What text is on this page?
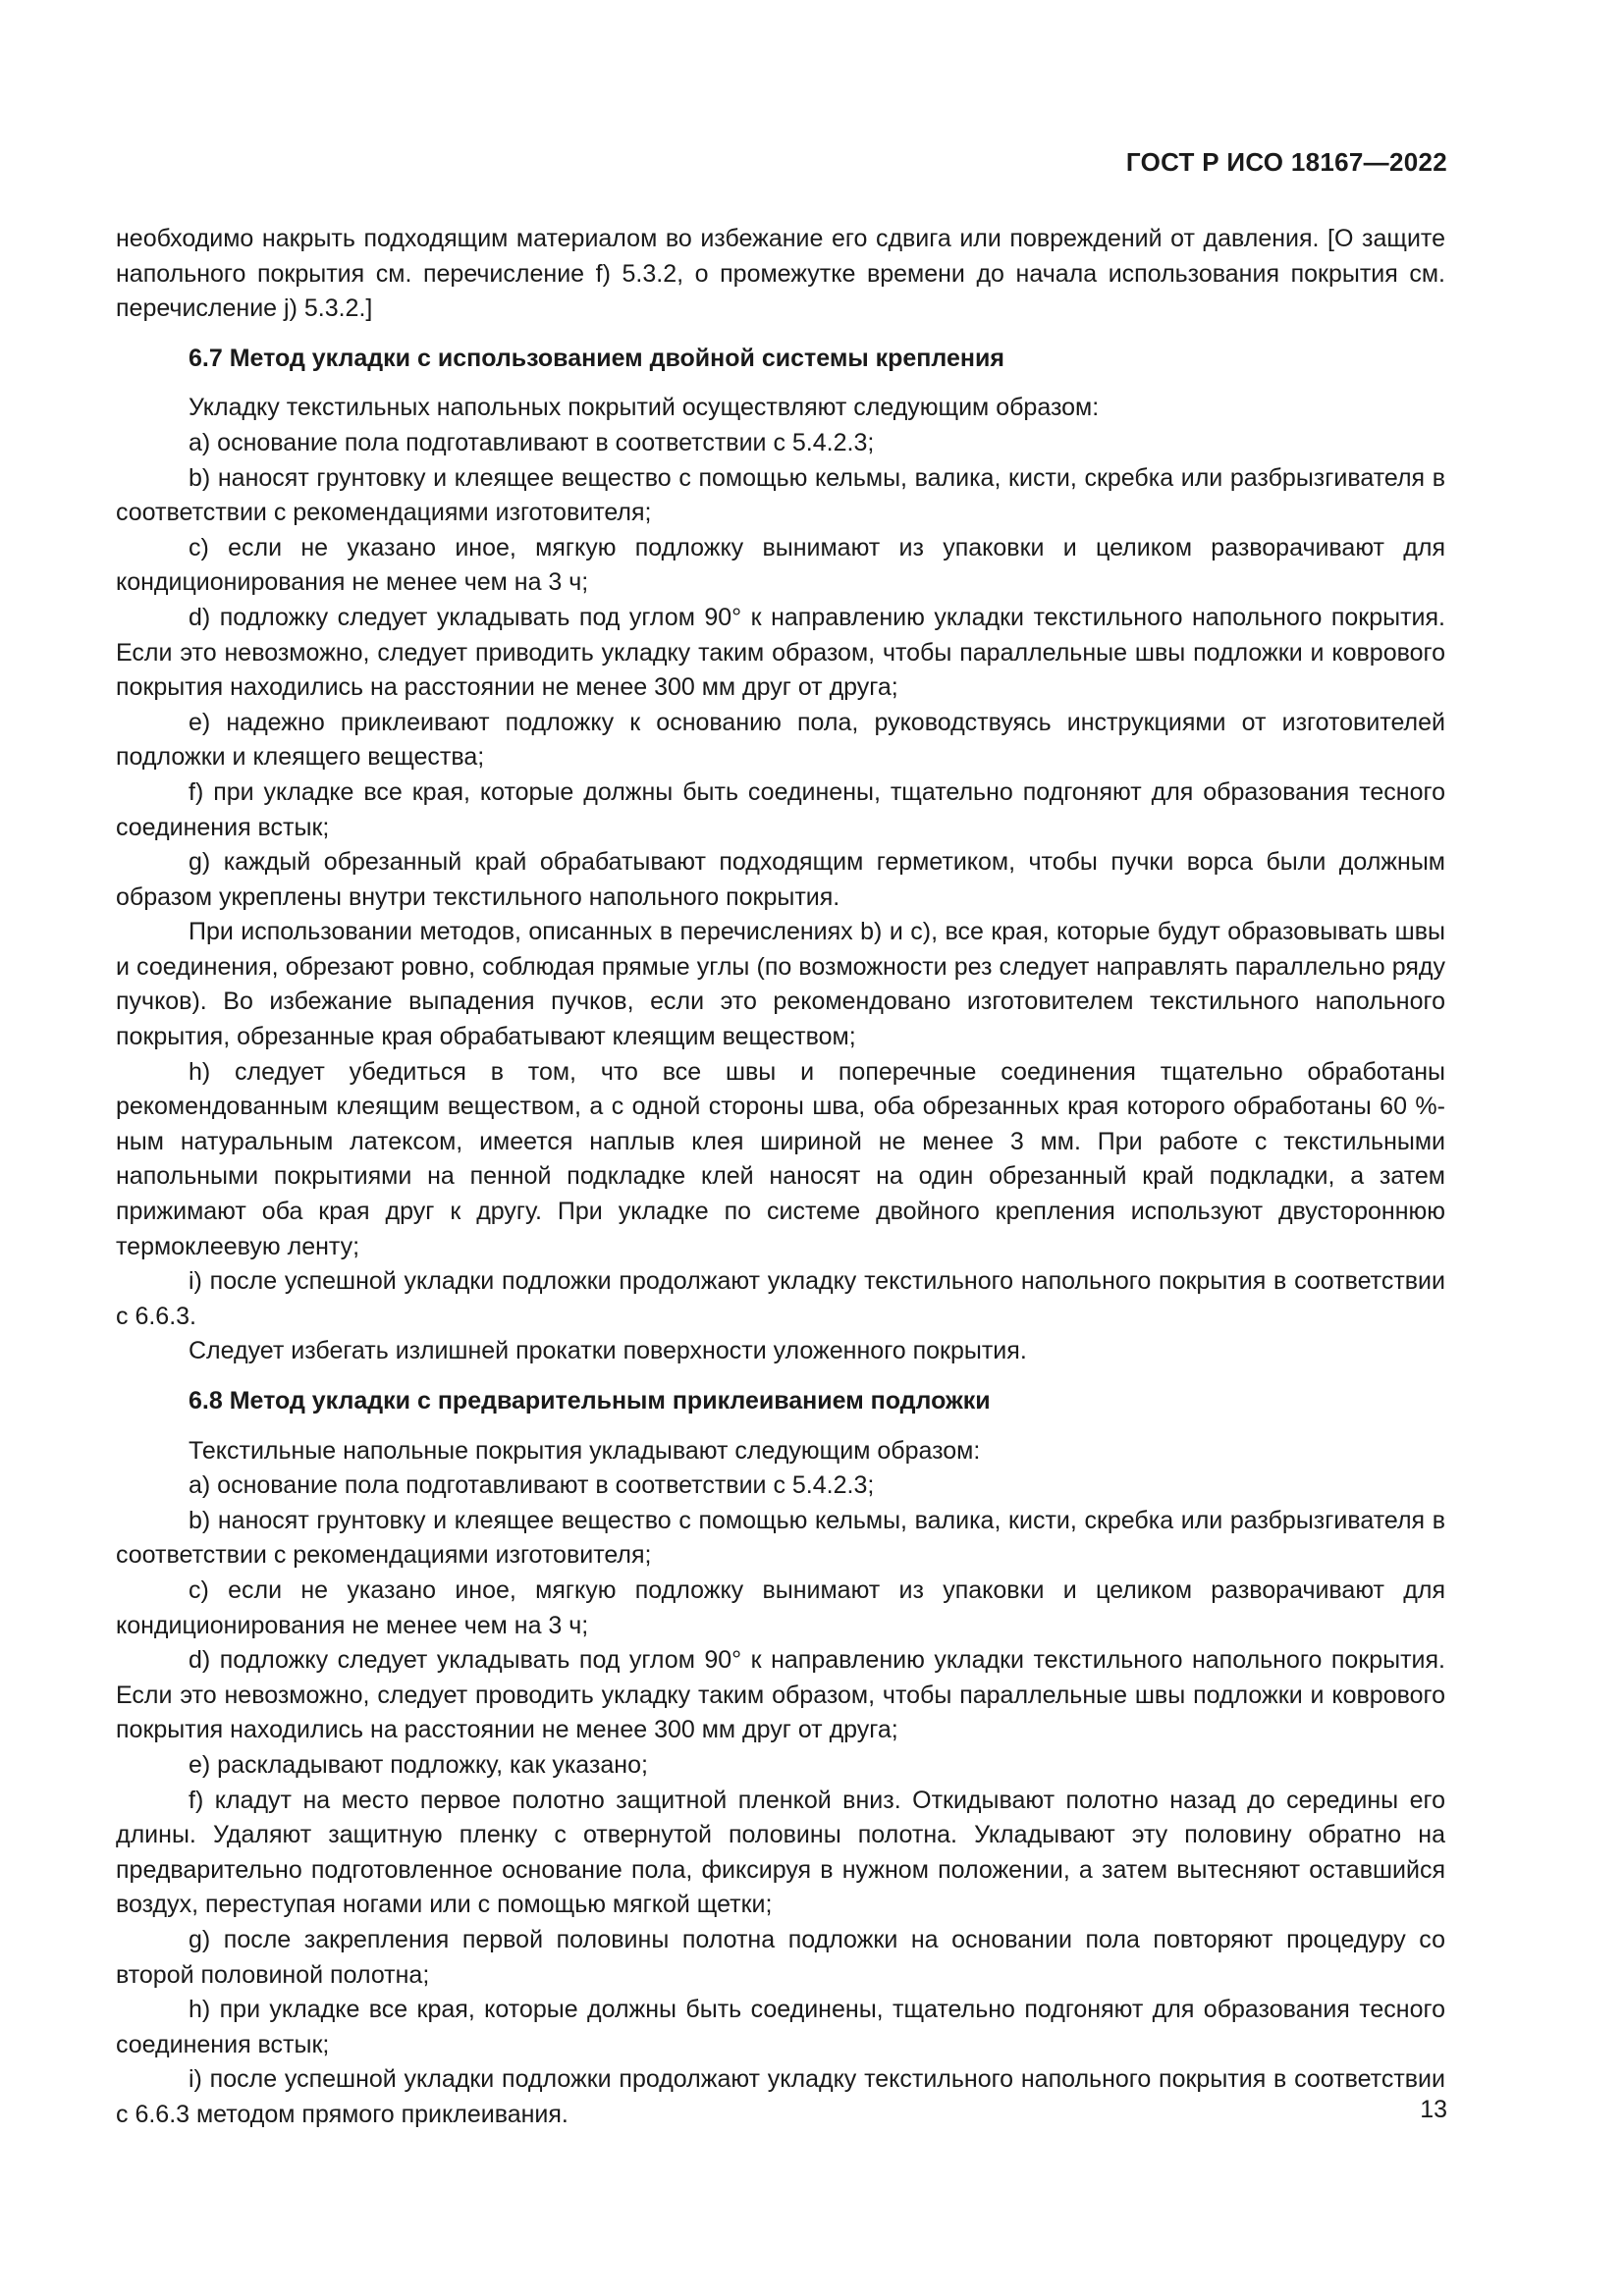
ГОСТ Р ИСО 18167—2022

необходимо накрыть подходящим материалом во избежание его сдвига или повреждений от давления. [О защите напольного покрытия см. перечисление f) 5.3.2, о промежутке времени до начала использования покрытия см. перечисление j) 5.3.2.]

6.7 Метод укладки с использованием двойной системы крепления

Укладку текстильных напольных покрытий осуществляют следующим образом:

а) основание пола подготавливают в соответствии с 5.4.2.3;

b) наносят грунтовку и клеящее вещество с помощью кельмы, валика, кисти, скребка или разбрызгивателя в соответствии с рекомендациями изготовителя;

c) если не указано иное, мягкую подложку вынимают из упаковки и целиком разворачивают для кондиционирования не менее чем на 3 ч;

d) подложку следует укладывать под углом 90° к направлению укладки текстильного напольного покрытия. Если это невозможно, следует приводить укладку таким образом, чтобы параллельные швы подложки и коврового покрытия находились на расстоянии не менее 300 мм друг от друга;

e) надежно приклеивают подложку к основанию пола, руководствуясь инструкциями от изготовителей подложки и клеящего вещества;

f) при укладке все края, которые должны быть соединены, тщательно подгоняют для образования тесного соединения встык;

g) каждый обрезанный край обрабатывают подходящим герметиком, чтобы пучки ворса были должным образом укреплены внутри текстильного напольного покрытия.

При использовании методов, описанных в перечислениях b) и c), все края, которые будут образовывать швы и соединения, обрезают ровно, соблюдая прямые углы (по возможности рез следует направлять параллельно ряду пучков). Во избежание выпадения пучков, если это рекомендовано изготовителем текстильного напольного покрытия, обрезанные края обрабатывают клеящим веществом;

h) следует убедиться в том, что все швы и поперечные соединения тщательно обработаны рекомендованным клеящим веществом, а с одной стороны шва, оба обрезанных края которого обработаны 60 %-ным натуральным латексом, имеется наплыв клея шириной не менее 3 мм. При работе с текстильными напольными покрытиями на пенной подкладке клей наносят на один обрезанный край подкладки, а затем прижимают оба края друг к другу. При укладке по системе двойного крепления используют двустороннюю термоклеевую ленту;

i) после успешной укладки подложки продолжают укладку текстильного напольного покрытия в соответствии с 6.6.3.

Следует избегать излишней прокатки поверхности уложенного покрытия.

6.8 Метод укладки с предварительным приклеиванием подложки

Текстильные напольные покрытия укладывают следующим образом:

а) основание пола подготавливают в соответствии с 5.4.2.3;

b) наносят грунтовку и клеящее вещество с помощью кельмы, валика, кисти, скребка или разбрызгивателя в соответствии с рекомендациями изготовителя;

c) если не указано иное, мягкую подложку вынимают из упаковки и целиком разворачивают для кондиционирования не менее чем на 3 ч;

d) подложку следует укладывать под углом 90° к направлению укладки текстильного напольного покрытия. Если это невозможно, следует проводить укладку таким образом, чтобы параллельные швы подложки и коврового покрытия находились на расстоянии не менее 300 мм друг от друга;

e) раскладывают подложку, как указано;

f) кладут на место первое полотно защитной пленкой вниз. Откидывают полотно назад до середины его длины. Удаляют защитную пленку с отвернутой половины полотна. Укладывают эту половину обратно на предварительно подготовленное основание пола, фиксируя в нужном положении, а затем вытесняют оставшийся воздух, переступая ногами или с помощью мягкой щетки;

g) после закрепления первой половины полотна подложки на основании пола повторяют процедуру со второй половиной полотна;

h) при укладке все края, которые должны быть соединены, тщательно подгоняют для образования тесного соединения встык;

i) после успешной укладки подложки продолжают укладку текстильного напольного покрытия в соответствии с 6.6.3 методом прямого приклеивания.	13
